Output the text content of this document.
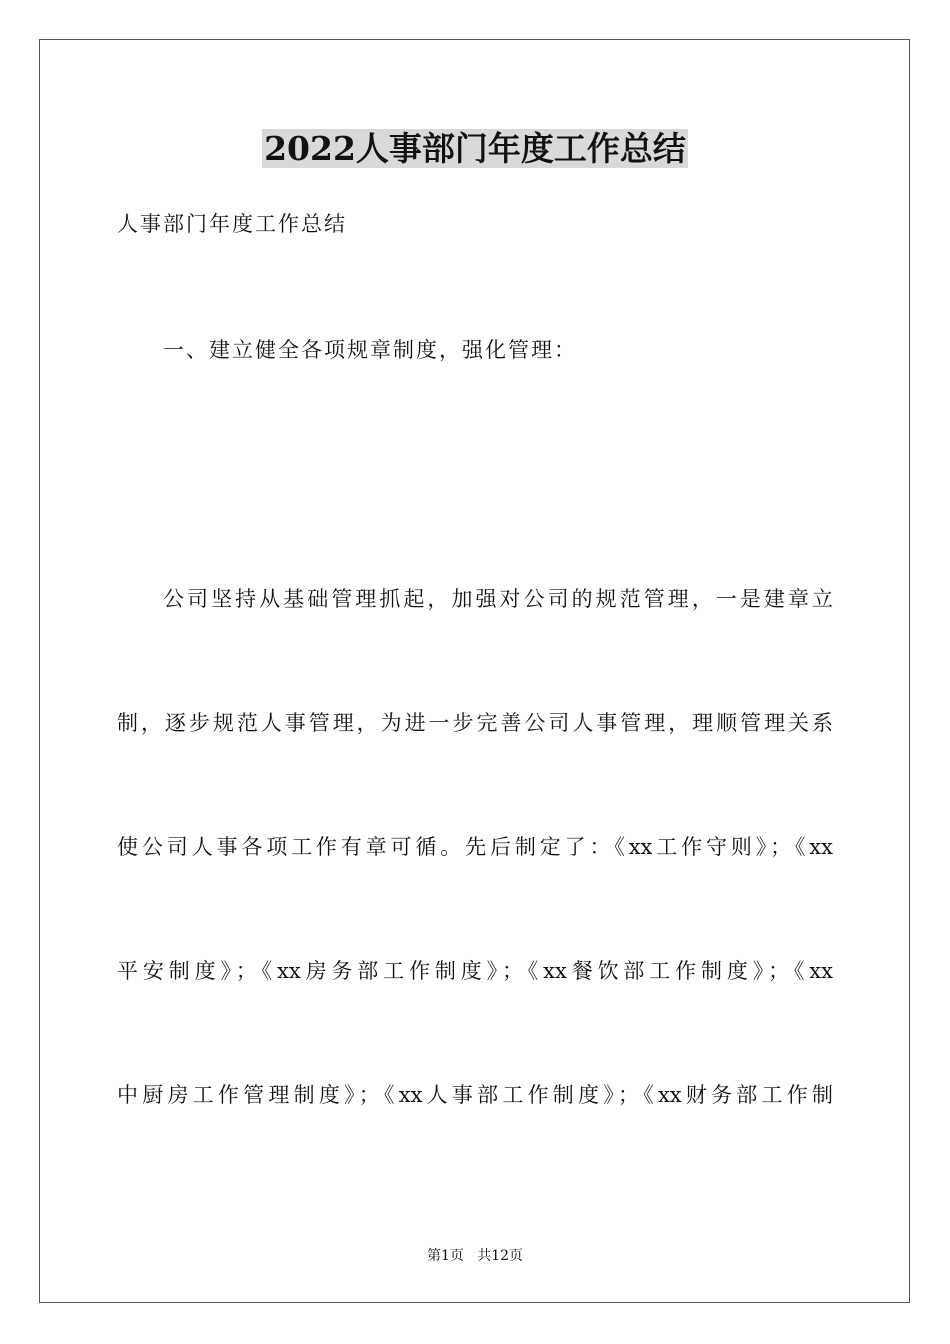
2022人事部门年度工作总结
人事部门年度工作总结
一、建立健全各项规章制度，强化管理：
公司坚持从基础管理抓起，加强对公司的规范管理，一是建章立
制，逐步规范人事管理，为进一步完善公司人事管理，理顺管理关系
使公司人事各项工作有章可循。先后制定了：《xx工作守则》；《xx
平安制度》；《xx房务部工作制度》；《xx餐饮部工作制度》；《xx
中厨房工作管理制度》；《xx人事部工作制度》；《xx财务部工作制
第1页   共12页
